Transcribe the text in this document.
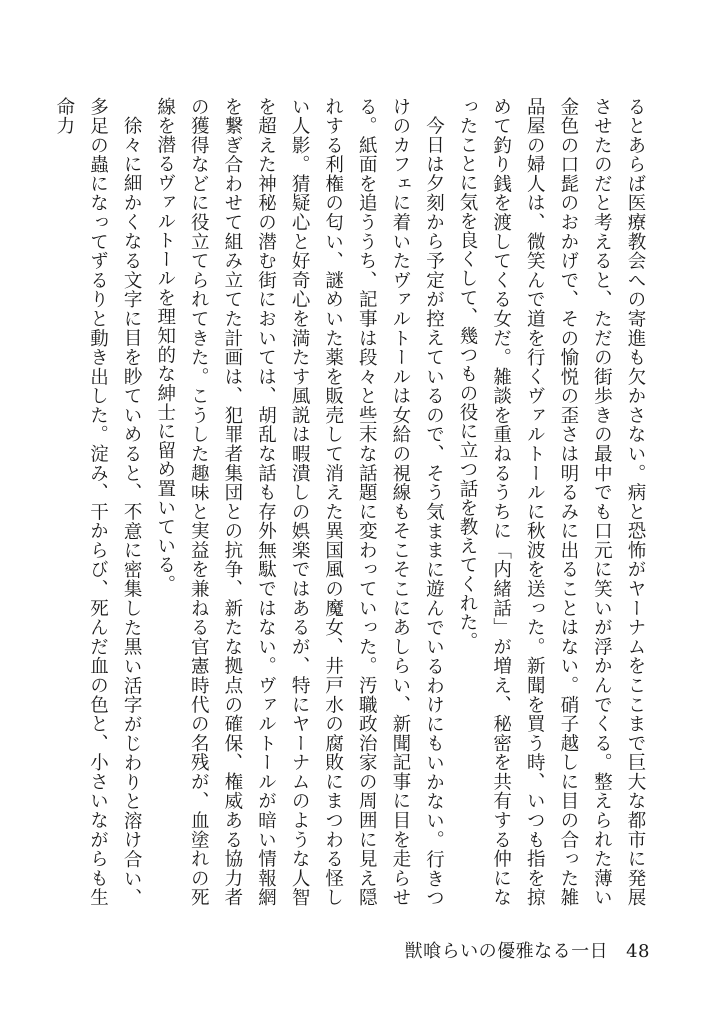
るとあらば医療教会への寄進も欠かさない。病と恐怖がヤーナムをここまで巨大な都市に発展させたのだと考えると、ただの街歩きの最中でも口元に笑いが浮かんでくる。整えられた薄い金色の口髭のおかげで、その愉悦の歪さは明るみに出ることはない。硝子越しに目の合った雑品屋の婦人は、微笑んで道を行くヴァルトールに秋波を送った。新聞を買う時、いつも指を掠めて釣り銭を渡してくる女だ。雑談を重ねるうちに「内緒話」が増え、秘密を共有する仲になったことに気を良くして、幾つもの役に立つ話を教えてくれた。

今日は夕刻から予定が控えているので、そう気ままに遊んでいるわけにもいかない。行きつけのカフェに着いたヴァルトールは女給の視線もそこそこにあしらい、新聞記事に目を走らせる。紙面を追ううち、記事は段々と些末な話題に変わっていった。汚職政治家の周囲に見え隠れする利権の匂い、謎めいた薬を販売して消えた異国風の魔女、井戸水の腐敗にまつわる怪しい人影。猜疑心と好奇心を満たす風説は暇潰しの娯楽ではあるが、特にヤーナムのような人智を超えた神秘の潜む街においては、胡乱な話も存外無駄ではない。ヴァルトールが暗い情報網を繋ぎ合わせて組み立てた計画は、犯罪者集団との抗争、新たな拠点の確保、権威ある協力者の獲得などに役立てられてきた。こうした趣味と実益を兼ねる官憲時代の名残が、血塗れの死線を潜るヴァルトールを理知的な紳士に留め置いている。

徐々に細かくなる文字に目を眇ていめると、不意に密集した黒い活字がじわりと溶け合い、多足の蟲になってずるりと動き出した。淀み、干からび、死んだ血の色と、小さいながらも生命力

獣喰らいの優雅なる一日 48
